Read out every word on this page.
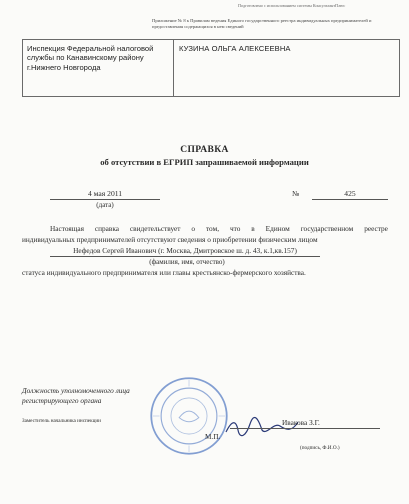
Подготовлено с использованием системы КонсультантПлюс
Приложение № 8 к Правилам ведения Единого государственного реестра индивидуальных предпринимателей и предоставления содержащихся в нем сведений
Инспекция Федеральной налоговой службы по Канавинскому району г.Нижнего Новгорода
КУЗИНА ОЛЬГА АЛЕКСЕЕВНА
СПРАВКА
об отсутствии в ЕГРИП запрашиваемой информации
4 мая 2011
(дата)
№	425
Настоящая справка свидетельствует о том, что в Едином государственном реестре
индивидуальных предпринимателей отсутствуют сведения о приобретении физическим лицом
Нефедов Сергей Иванович (г. Москва, Дмитровское ш. д. 43, к.1,кв.157)
(фамилия, имя, отчество)
статуса индивидуального предпринимателя или главы крестьянско-фермерского хозяйства.
Должность уполномоченного лица регистрирующего органа
Заместитель начальника инспекции	Ивакова З.Г.
М.П.
(подпись, Ф.И.О.)
